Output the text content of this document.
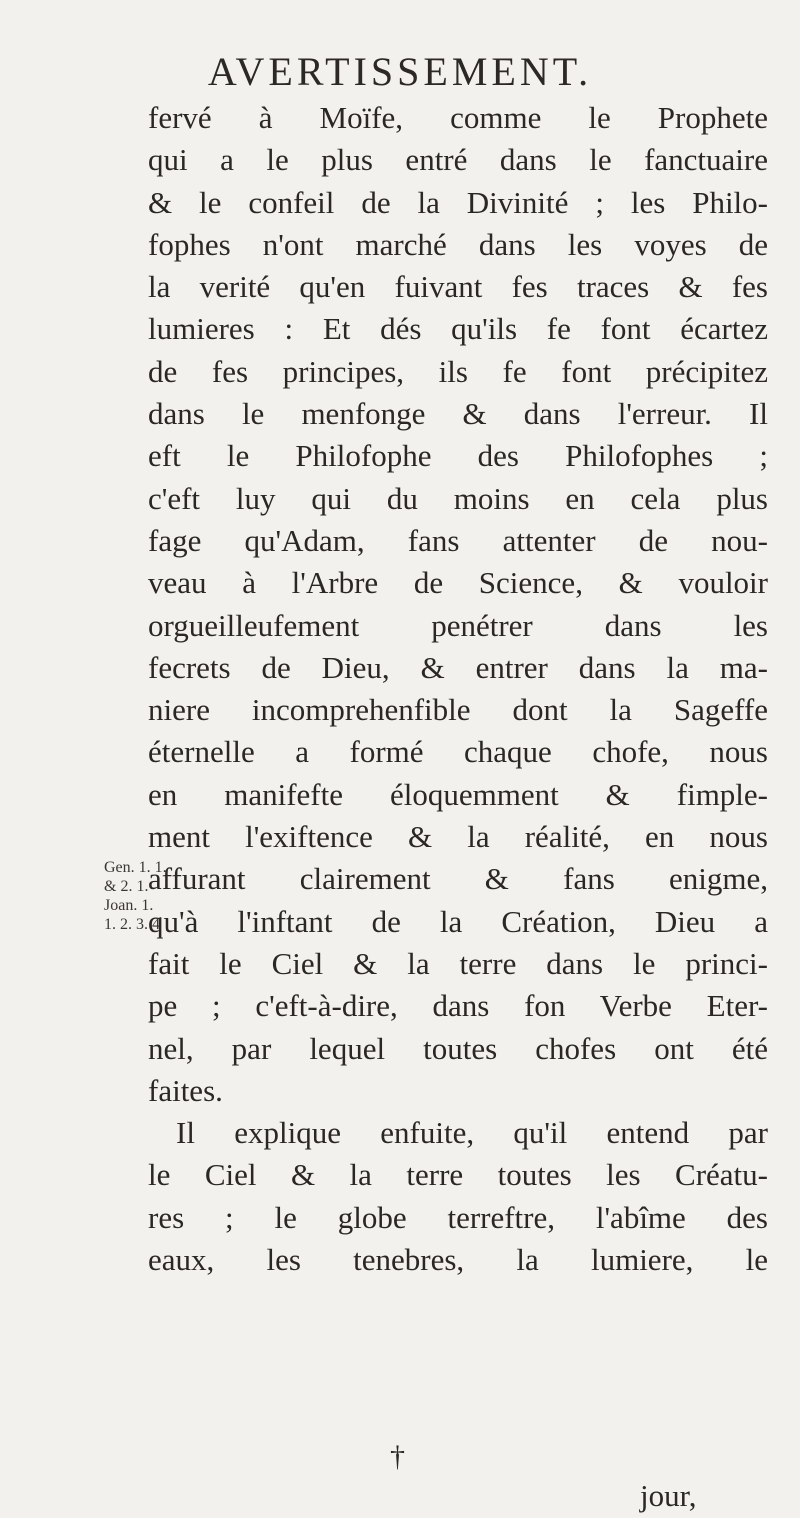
AVERTISSEMENT.
fervé à Moïfe, comme le Prophete
qui a le plus entré dans le fanctuaire
& le confeil de la Divinité ; les Philo-
fophes n'ont marché dans les voyes de
la verité qu'en fuivant fes traces & fes
lumieres : Et dés qu'ils fe font écartez
de fes principes, ils fe font précipitez
dans le menfonge & dans l'erreur. Il
eft le Philofophe des Philofophes ;
c'eft luy qui du moins en cela plus
fage qu'Adam, fans attenter de nou-
veau à l'Arbre de Science, & vouloir
orgueilleufement penétrer dans les
fecrets de Dieu, & entrer dans la ma-
niere incomprehenfible dont la Sageffe
éternelle a formé chaque chofe, nous
en manifefte éloquemment & fimple-
ment l'exiftence & la réalité, en nous
affurant clairement & fans enigme,
qu'à l'inftant de la Création, Dieu a
fait le Ciel & la terre dans le princi-
pe ; c'eft-à-dire, dans fon Verbe Eter-
nel, par lequel toutes chofes ont été
faites.
Il explique enfuite, qu'il entend par
le Ciel & la terre toutes les Créatu-
res ; le globe terreftre, l'abîme des
eaux, les tenebres, la lumiere, le
Gen. 1. 1.
& 2. 1.
Joan. 1.
1. 2. 3. 4
jour,
†
